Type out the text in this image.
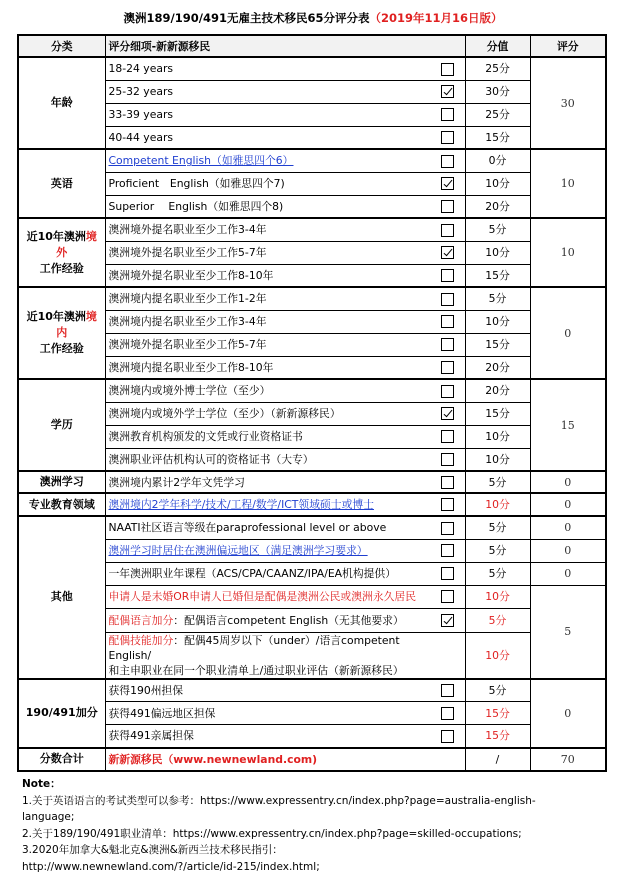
澳洲189/190/491无雇主技术移民65分评分表（2019年11月16日版）
分类	评分细项-新新源移民		分值	评分
年龄	18-24 years		25分	30
	25-32 years		30分	
	33-39 years		25分	
	40-44 years		15分	
英语	Competent English（如雅思四个6）		0分	10
	Proficient　English（如雅思四个7)		10分	
	Superior　 English（如雅思四个8)		20分	
近10年澳洲境外
工作经验	澳洲境外提名职业至少工作3-4年		5分	10
	澳洲境外提名职业至少工作5-7年		10分	
	澳洲境外提名职业至少工作8-10年		15分	
近10年澳洲境内
工作经验	澳洲境内提名职业至少工作1-2年		5分	0
	澳洲境内提名职业至少工作3-4年		10分	
	澳洲境外提名职业至少工作5-7年		15分	
	澳洲境内提名职业至少工作8-10年		20分	
学历	澳洲境内或境外博士学位（至少）		20分	15
	澳洲境内或境外学士学位（至少）（新新源移民）		15分	
	澳洲教育机构颁发的文凭或行业资格证书		10分	
	澳洲职业评估机构认可的资格证书（大专）		10分	
澳洲学习	澳洲境内累计2学年文凭学习		5分	0
专业教育领域	澳洲境内2学年科学/技术/工程/数学/ICT领域硕士或博士		10分	0
其他	NAATI社区语言等级在paraprofessional level or above		5分	0
	澳洲学习时居住在澳洲偏远地区（满足澳洲学习要求）		5分	0
	一年澳洲职业年课程（ACS/CPA/CAANZ/IPA/EA机构提供）		5分	0
	申请人是未婚OR申请人已婚但是配偶是澳洲公民或澳洲永久居民		10分	5
	配偶语言加分：配偶语言competent English（无其他要求）		5分	
	配偶技能加分：配偶45周岁以下（under）/语言competent English/
和主申职业在同一个职业清单上/通过职业评估（新新源移民）		10分	
190/491加分	获得190州担保		5分	0
	获得491偏远地区担保		15分	
	获得491亲属担保		15分	
分数合计	新新源移民（www.newnewland.com)		/	70
Note：
1.关于英语语言的考试类型可以参考：https://www.expressentry.cn/index.php?page=australia-english-
language;
2.关于189/190/491职业清单：https://www.expressentry.cn/index.php?page=skilled-occupations;
3.2020年加拿大&魁北克&澳洲&新西兰技术移民指引：
http://www.newnewland.com/?/article/id-215/index.html;
